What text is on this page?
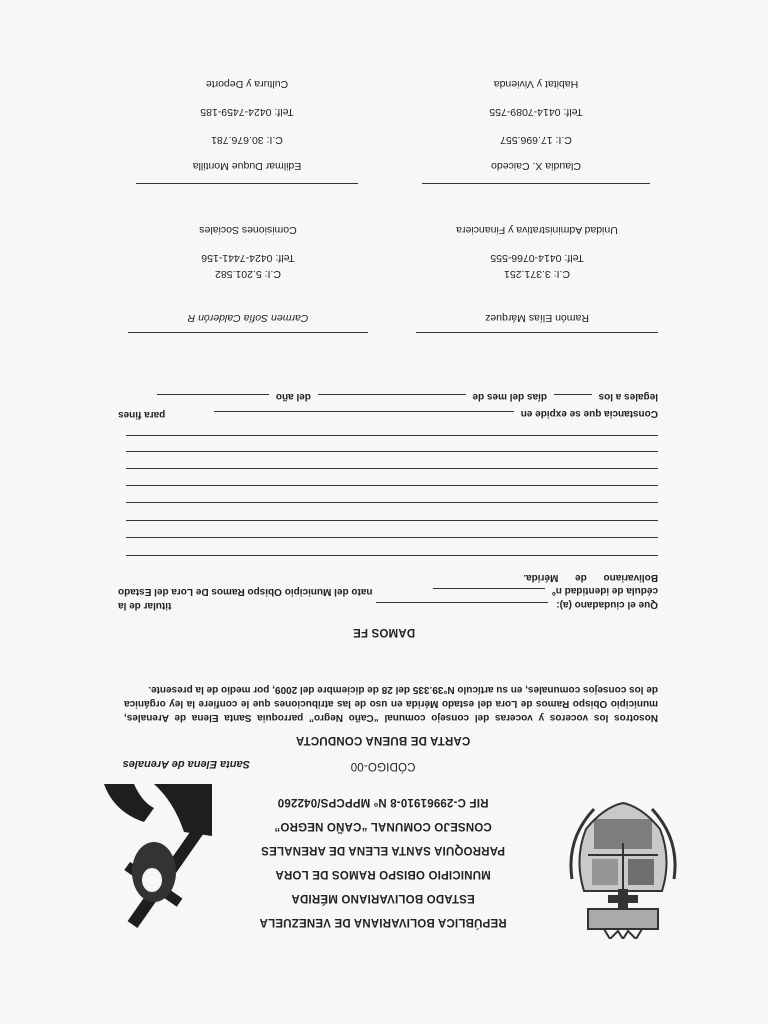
REPÚBLICA BOLIVARIANA DE VENEZUELA
ESTADO BOLIVARIANO MÉRIDA
MUNICIPIO OBISPO RAMOS DE LORA
PARROQUIA SANTA ELENA DE ARENALES
CONSEJO COMUNAL “CAÑO NEGRO”
RIF C-29961910-8 Nº MPPCPS/042260
CÓDIGO-00
Santa Elena de Arenales
CARTA DE BUENA CONDUCTA
Nosotros los voceros y voceras del consejo comunal “Caño Negro” parroquia Santa Elena de Arenales, municipio Obispo Ramos de Lora del estado Mérida en uso de las atribuciones que le confiere la ley orgánica de los consejos comunales, en su artículo N°39.335 del 28 de diciembre del 2009, por medio de la presente.
DAMOS FE
Que el ciudadano (a):
titular de la
cédula de identidad nº
nato del Municipio Obispo Ramos De Lora del Estado
Bolivariano de Mérida.
Constancia que se expide en
para fines
legales a los  días del mes de  del año
Ramón Elías Márquez
C.I: 3.371.251
Telf: 0414-0766-555
Unidad Administrativa y Financiera
Carmen Sofía Calderón R
C.I: 5.201.582
Telf: 0424-7441-156
Comisiones Sociales
Claudia X. Caicedo
C.I: 17.696.557
Telf: 0414-7089-755
Habitat y Vivienda
Edilmar Duque Montilla
C.I: 30.676.781
Telf: 0424-7459-185
Cultura y Deporte
